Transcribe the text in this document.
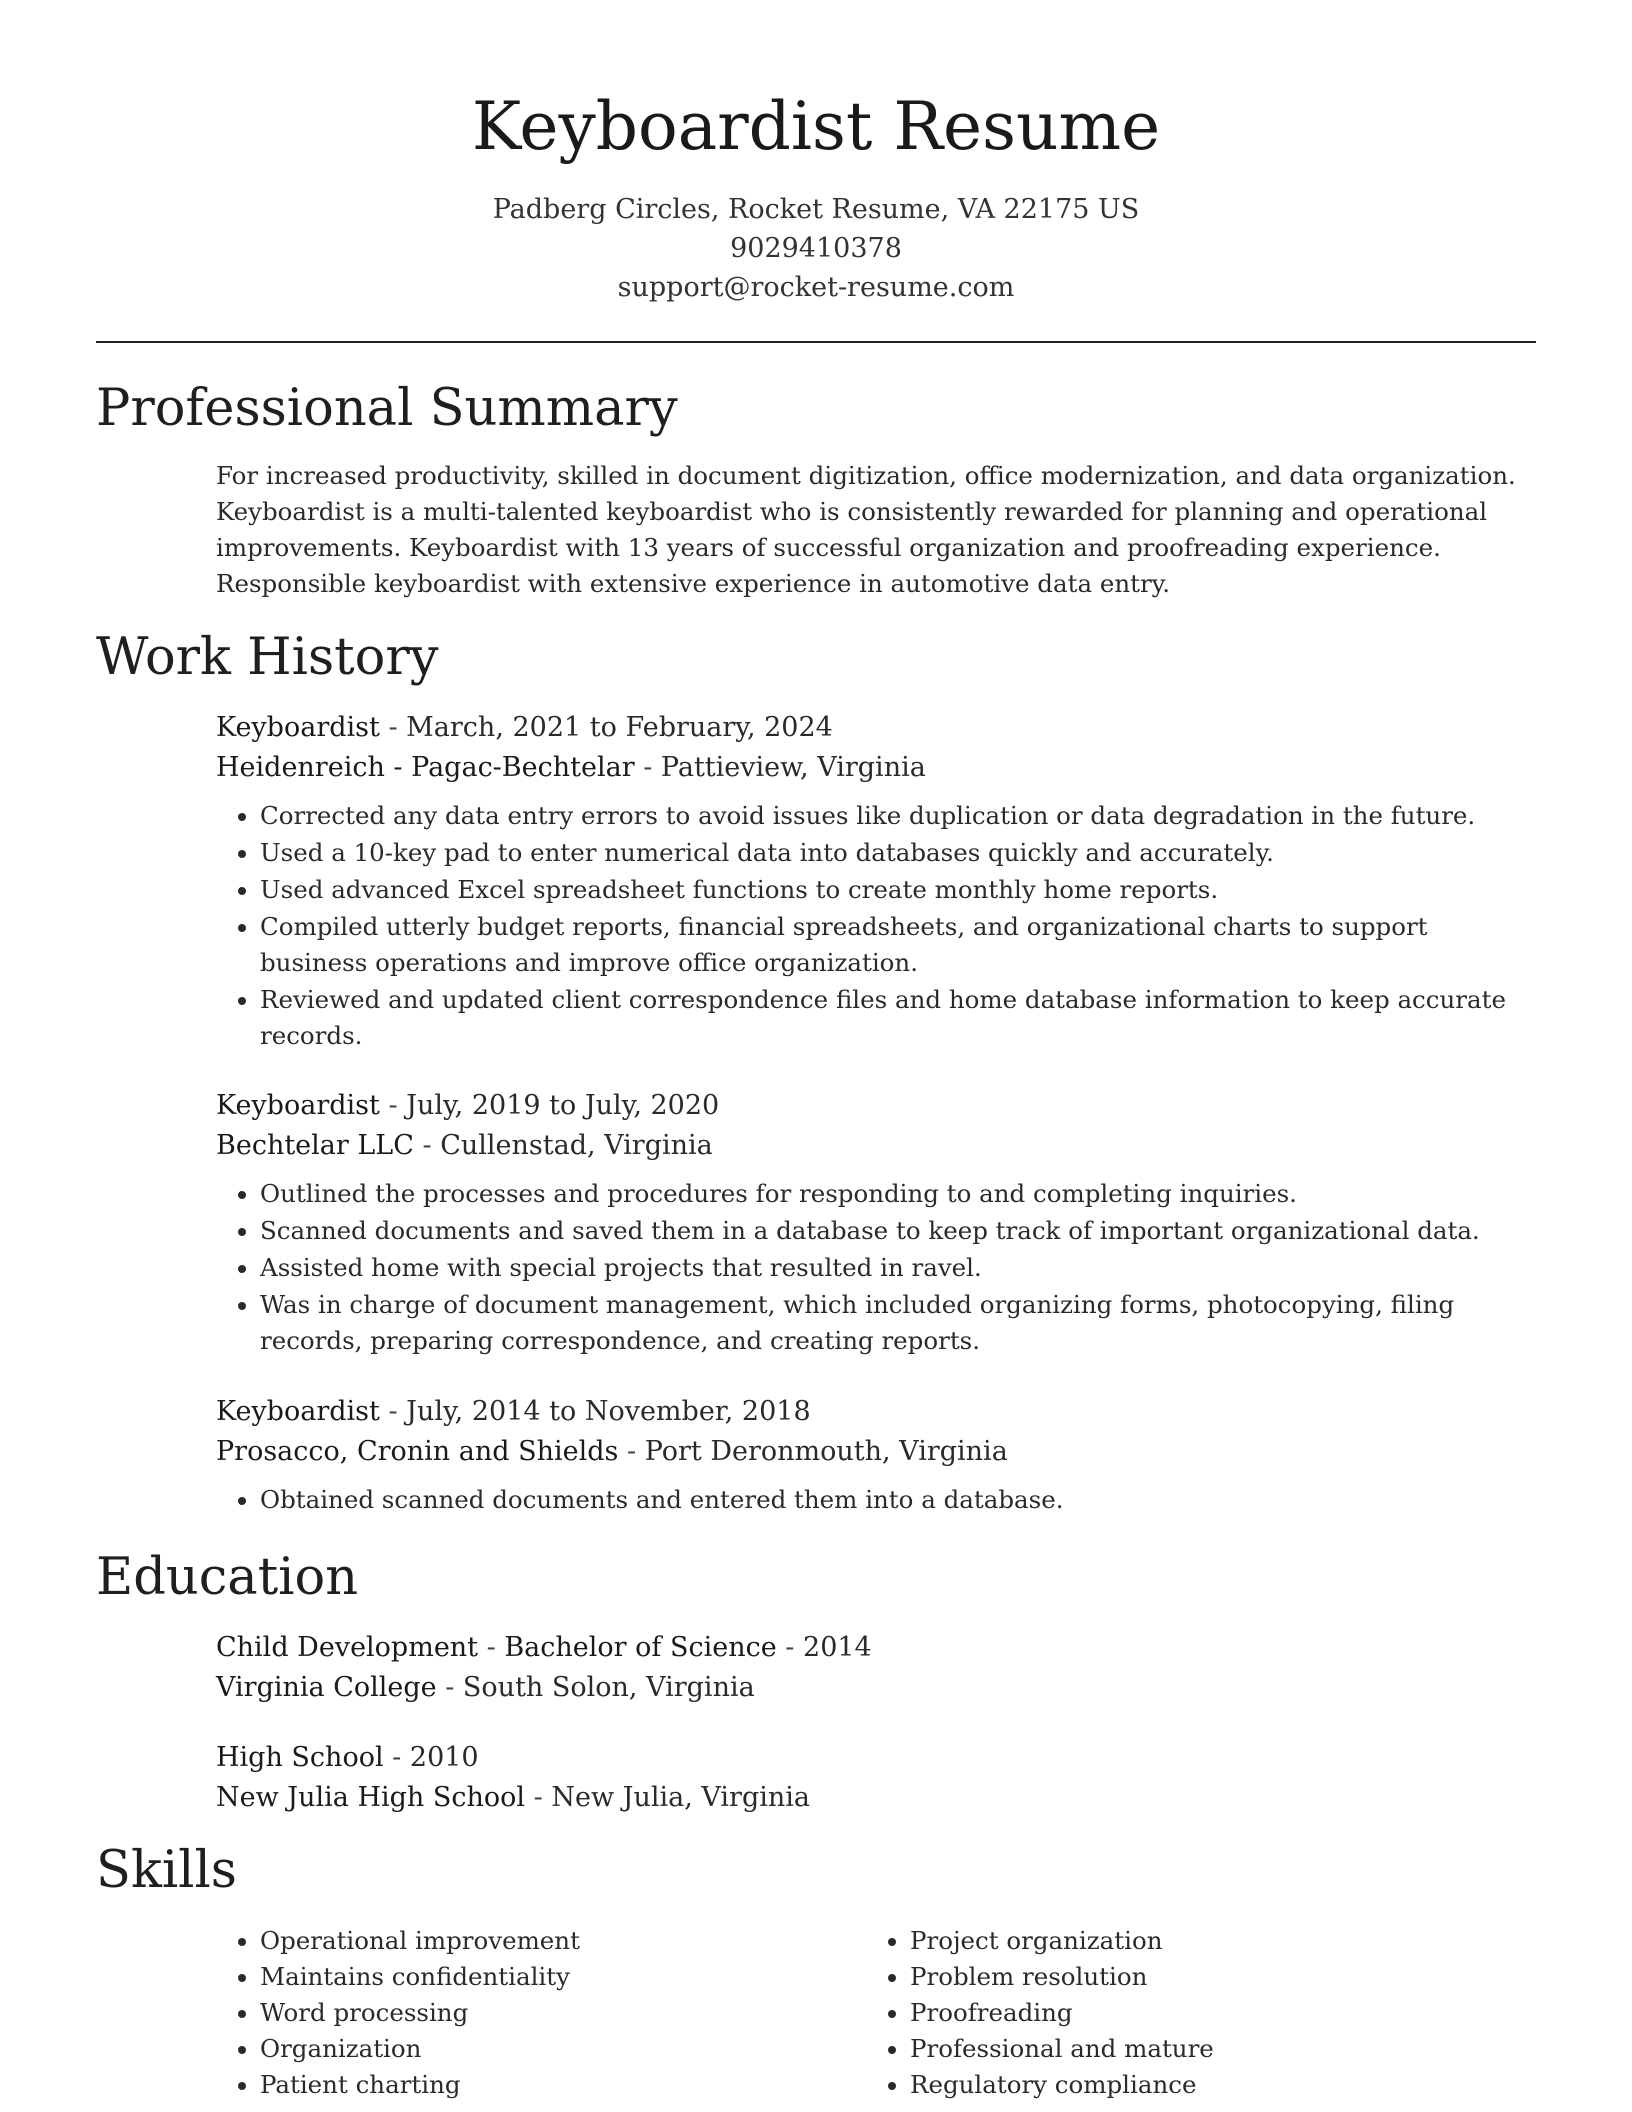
Keyboardist Resume
Padberg Circles, Rocket Resume, VA 22175 US
9029410378
support@rocket-resume.com
Professional Summary
For increased productivity, skilled in document digitization, office modernization, and data organization. Keyboardist is a multi-talented keyboardist who is consistently rewarded for planning and operational improvements. Keyboardist with 13 years of successful organization and proofreading experience. Responsible keyboardist with extensive experience in automotive data entry.
Work History
Keyboardist - March, 2021 to February, 2024
Heidenreich - Pagac-Bechtelar - Pattieview, Virginia
• Corrected any data entry errors to avoid issues like duplication or data degradation in the future.
• Used a 10-key pad to enter numerical data into databases quickly and accurately.
• Used advanced Excel spreadsheet functions to create monthly home reports.
• Compiled utterly budget reports, financial spreadsheets, and organizational charts to support business operations and improve office organization.
• Reviewed and updated client correspondence files and home database information to keep accurate records.
Keyboardist - July, 2019 to July, 2020
Bechtelar LLC - Cullenstad, Virginia
• Outlined the processes and procedures for responding to and completing inquiries.
• Scanned documents and saved them in a database to keep track of important organizational data.
• Assisted home with special projects that resulted in ravel.
• Was in charge of document management, which included organizing forms, photocopying, filing records, preparing correspondence, and creating reports.
Keyboardist - July, 2014 to November, 2018
Prosacco, Cronin and Shields - Port Deronmouth, Virginia
• Obtained scanned documents and entered them into a database.
Education
Child Development - Bachelor of Science - 2014
Virginia College - South Solon, Virginia
High School - 2010
New Julia High School - New Julia, Virginia
Skills
• Operational improvement
• Maintains confidentiality
• Word processing
• Organization
• Patient charting
• Project organization
• Problem resolution
• Proofreading
• Professional and mature
• Regulatory compliance
